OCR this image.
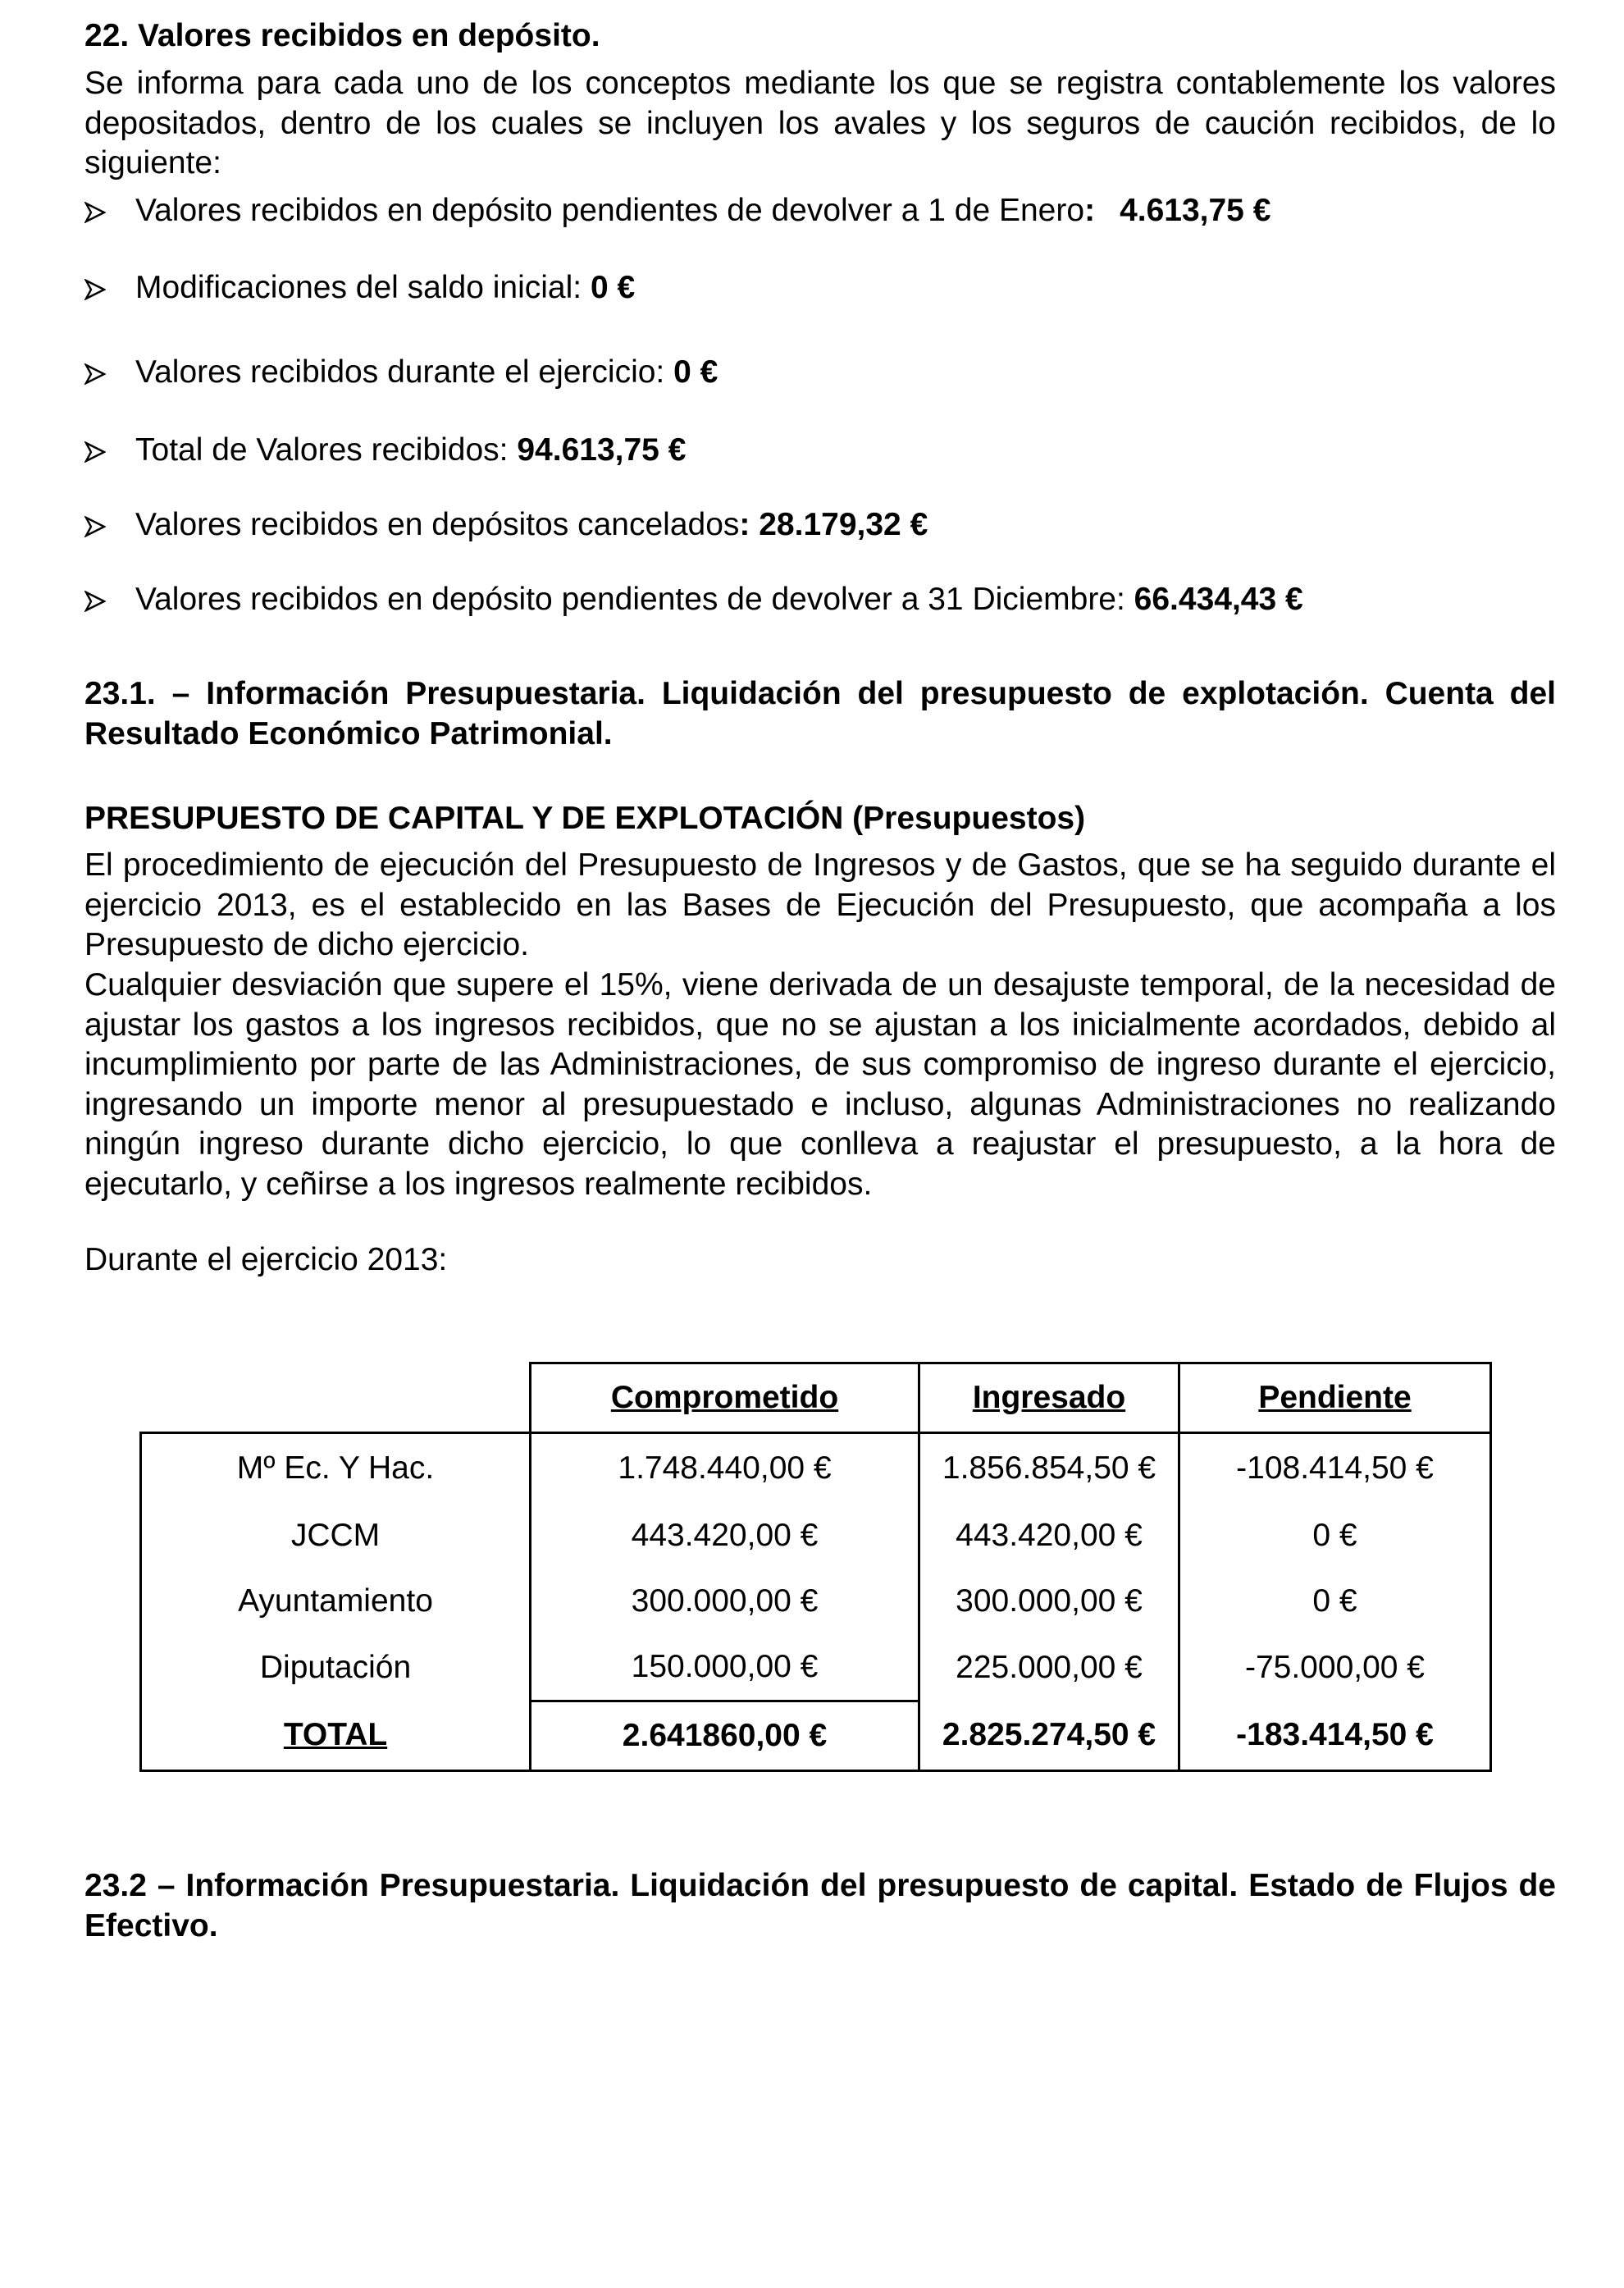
22. Valores recibidos en depósito.
Se informa para cada uno de los conceptos mediante los que se registra contablemente los valores depositados, dentro de los cuales se incluyen los avales y los seguros de caución recibidos, de lo siguiente:
Valores recibidos en depósito pendientes de devolver a 1 de Enero: 4.613,75 €
Modificaciones del saldo inicial: 0 €
Valores recibidos durante el ejercicio: 0 €
Total de Valores recibidos: 94.613,75 €
Valores recibidos en depósitos cancelados: 28.179,32 €
Valores recibidos en depósito pendientes de devolver a 31 Diciembre: 66.434,43 €
23.1. – Información Presupuestaria. Liquidación del presupuesto de explotación. Cuenta del Resultado Económico Patrimonial.
PRESUPUESTO DE CAPITAL Y DE EXPLOTACIÓN (Presupuestos)
El procedimiento de ejecución del Presupuesto de Ingresos y de Gastos, que se ha seguido durante el ejercicio 2013, es el establecido en las Bases de Ejecución del Presupuesto, que acompaña a los Presupuesto de dicho ejercicio.
Cualquier desviación que supere el 15%, viene derivada de un desajuste temporal, de la necesidad de ajustar los gastos a los ingresos recibidos, que no se ajustan a los inicialmente acordados, debido al incumplimiento por parte de las Administraciones, de sus compromiso de ingreso durante el ejercicio, ingresando un importe menor al presupuestado e incluso, algunas Administraciones no realizando ningún ingreso durante dicho ejercicio, lo que conlleva a reajustar el presupuesto, a la hora de ejecutarlo, y ceñirse a los ingresos realmente recibidos.
Durante el ejercicio 2013:
23.2 – Información Presupuestaria. Liquidación del presupuesto de capital. Estado de Flujos de Efectivo.
	Comprometido	Ingresado	Pendiente
Mº Ec. Y Hac.	1.748.440,00 €	1.856.854,50 €	-108.414,50 €
JCCM	443.420,00 €	443.420,00 €	0 €
Ayuntamiento	300.000,00 €	300.000,00 €	0 €
Diputación	150.000,00 €	225.000,00 €	-75.000,00 €
TOTAL	2.641860,00 €	2.825.274,50 €	-183.414,50 €
